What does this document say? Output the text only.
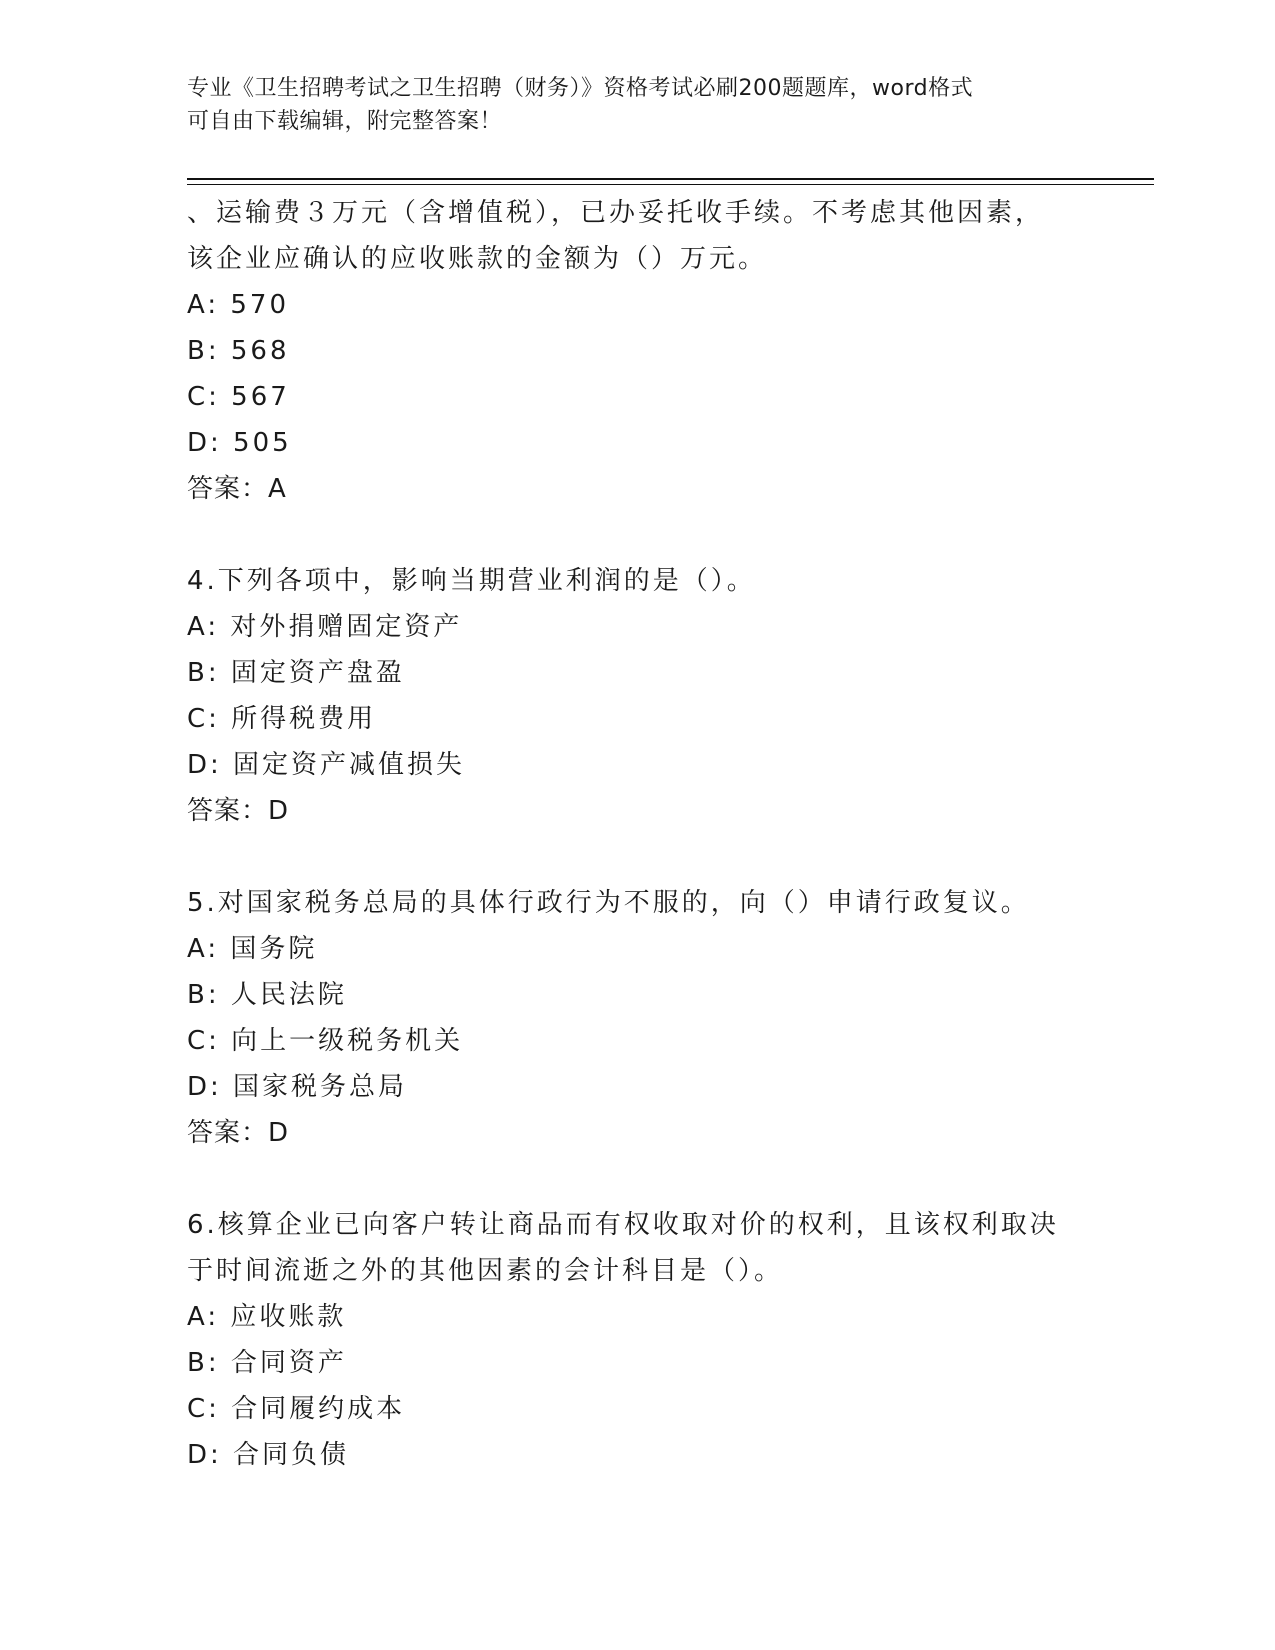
专业《卫生招聘考试之卫生招聘（财务）》资格考试必刷200题题库，word格式
可自由下载编辑，附完整答案！
、运输费３万元（含增值税），已办妥托收手续。不考虑其他因素，
该企业应确认的应收账款的金额为（）万元。
A: 570
B: 568
C: 567
D: 505
答案：A
4.下列各项中，影响当期营业利润的是（）。
A: 对外捐赠固定资产
B: 固定资产盘盈
C: 所得税费用
D: 固定资产减值损失
答案：D
5.对国家税务总局的具体行政行为不服的，向（）申请行政复议。
A: 国务院
B: 人民法院
C: 向上一级税务机关
D: 国家税务总局
答案：D
6.核算企业已向客户转让商品而有权收取对价的权利，且该权利取决
于时间流逝之外的其他因素的会计科目是（）。
A: 应收账款
B: 合同资产
C: 合同履约成本
D: 合同负债
